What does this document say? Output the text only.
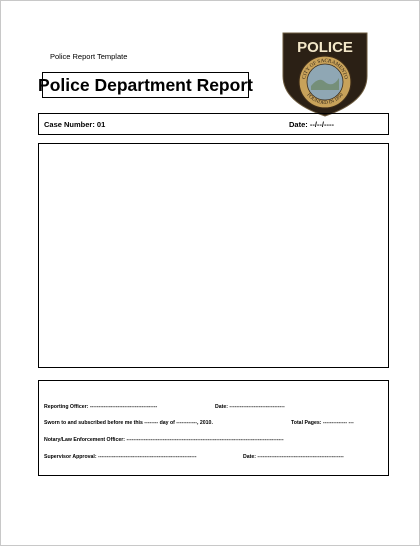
Police Report Template
Police Department Report
POLICE
CITY OF SACRAMENTO
FOUNDED IN 1850
Case Number: 01	Date: --/--/----
Reporting Officer: ---------------------------------------	Date: --------------------------------
Sworn to and subscribed before me this -------- day of ------------, 2010.	Total Pages: -------------- ---
Notary/Law Enforcement Officer: -------------------------------------------------------------------------------------------
Supervisor Approval: ---------------------------------------------------------	Date: --------------------------------------------------
